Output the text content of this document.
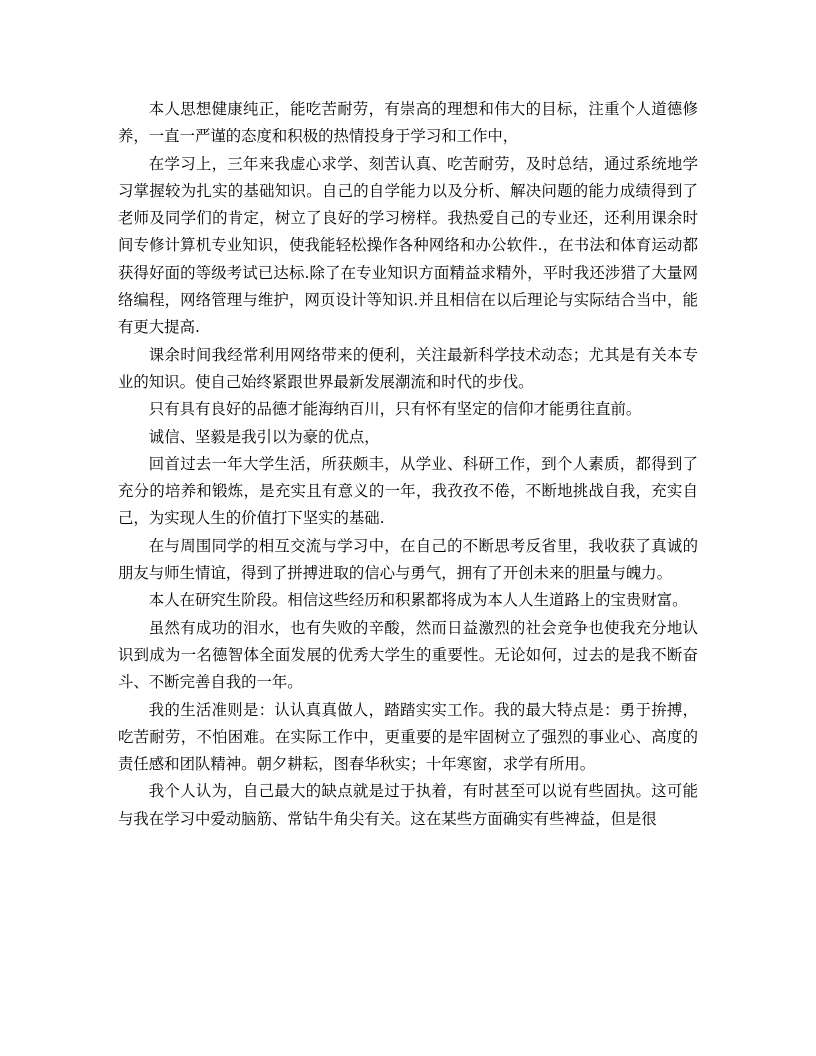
本人思想健康纯正，能吃苦耐劳，有崇高的理想和伟大的目标，注重个人道德修养，一直一严谨的态度和积极的热情投身于学习和工作中，

在学习上，三年来我虚心求学、刻苦认真、吃苦耐劳，及时总结，通过系统地学习掌握较为扎实的基础知识。自己的自学能力以及分析、解决问题的能力成绩得到了老师及同学们的肯定，树立了良好的学习榜样。我热爱自己的专业还，还利用课余时间专修计算机专业知识，使我能轻松操作各种网络和办公软件.，在书法和体育运动都获得好面的等级考试已达标.除了在专业知识方面精益求精外，平时我还涉猎了大量网络编程，网络管理与维护，网页设计等知识.并且相信在以后理论与实际结合当中，能有更大提高.

课余时间我经常利用网络带来的便利，关注最新科学技术动态；尤其是有关本专业的知识。使自己始终紧跟世界最新发展潮流和时代的步伐。

只有具有良好的品德才能海纳百川，只有怀有坚定的信仰才能勇往直前。

诚信、坚毅是我引以为豪的优点，

回首过去一年大学生活，所获颇丰，从学业、科研工作，到个人素质，都得到了充分的培养和锻炼，是充实且有意义的一年，我孜孜不倦，不断地挑战自我，充实自己，为实现人生的价值打下坚实的基础.

在与周围同学的相互交流与学习中，在自己的不断思考反省里，我收获了真诚的朋友与师生情谊，得到了拼搏进取的信心与勇气，拥有了开创未来的胆量与魄力。

本人在研究生阶段。相信这些经历和积累都将成为本人人生道路上的宝贵财富。

虽然有成功的泪水，也有失败的辛酸，然而日益激烈的社会竞争也使我充分地认识到成为一名德智体全面发展的优秀大学生的重要性。无论如何，过去的是我不断奋斗、不断完善自我的一年。

我的生活准则是：认认真真做人，踏踏实实工作。我的最大特点是：勇于拚搏，吃苦耐劳，不怕困难。在实际工作中，更重要的是牢固树立了强烈的事业心、高度的责任感和团队精神。朝夕耕耘，图春华秋实；十年寒窗，求学有所用。

我个人认为，自己最大的缺点就是过于执着，有时甚至可以说有些固执。这可能与我在学习中爱动脑筋、常钻牛角尖有关。这在某些方面确实有些裨益，但是很
